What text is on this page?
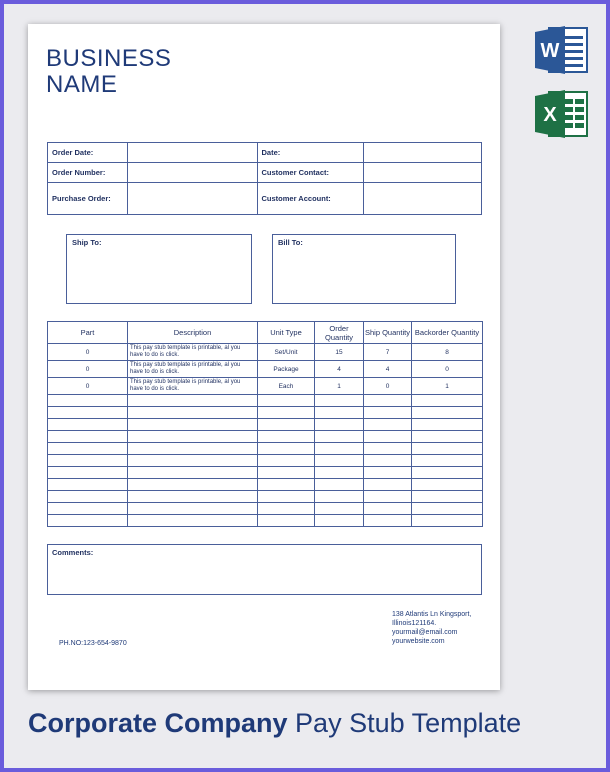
BUSINESS
NAME
Order Date:		Date:	
Order Number:		Customer Contact:	
Purchase Order:		Customer Account:	
Ship To:	Bill To:
Part	Description	Unit Type	Order Quantity	Ship Quantity	Backorder Quantity
0	This pay stub template is printable, al you have to do is click.	Set/Unit	15	7	8
0	This pay stub template is printable, al you have to do is click.	Package	4	4	0
0	This pay stub template is printable, al you have to do is click.	Each	1	0	1

Comments:
138 Atlantis Ln Kingsport,
Illinois121164.
yourmail@email.com
yourwebsite.com
PH.NO:123-654-9870
W
X
Corporate Company Pay Stub Template
